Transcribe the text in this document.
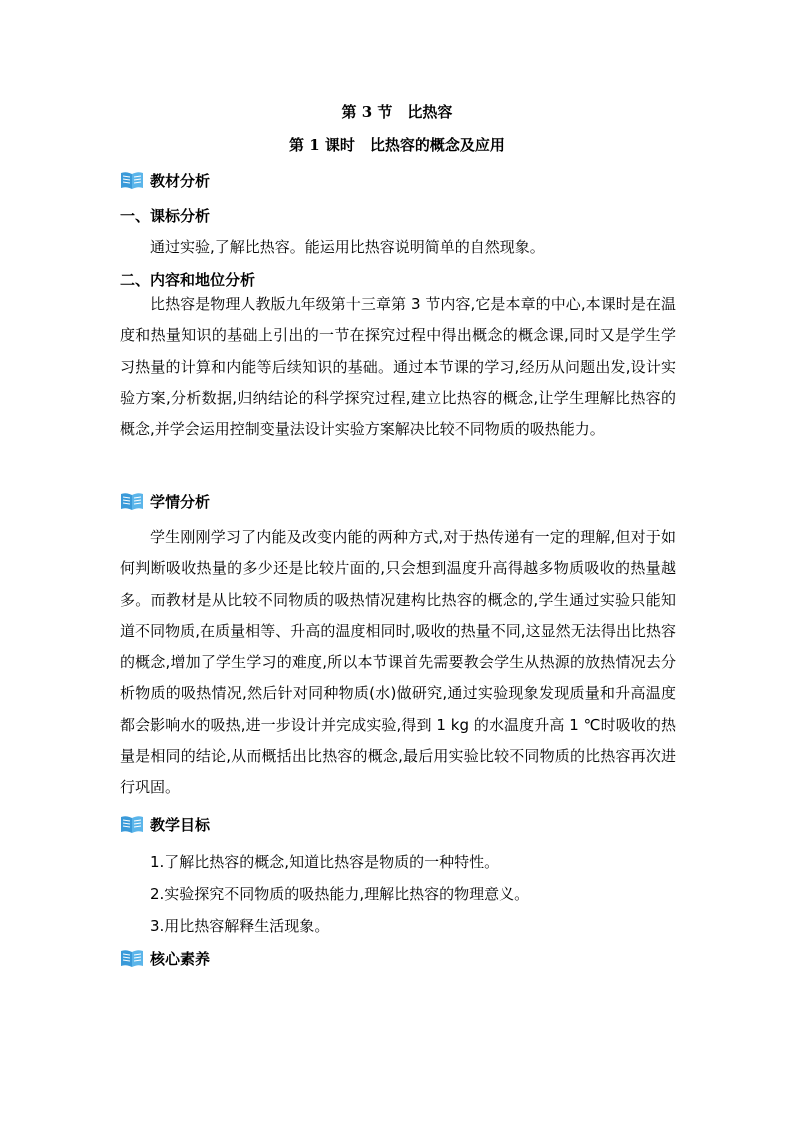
第 3 节　比热容
第 1 课时　比热容的概念及应用
教材分析
一、课标分析

通过实验,了解比热容。能运用比热容说明简单的自然现象。

二、内容和地位分析

比热容是物理人教版九年级第十三章第 3 节内容,它是本章的中心,本课时是在温度和热量知识的基础上引出的一节在探究过程中得出概念的概念课,同时又是学生学习热量的计算和内能等后续知识的基础。通过本节课的学习,经历从问题出发,设计实验方案,分析数据,归纳结论的科学探究过程,建立比热容的概念,让学生理解比热容的概念,并学会运用控制变量法设计实验方案解决比较不同物质的吸热能力。

学情分析

学生刚刚学习了内能及改变内能的两种方式,对于热传递有一定的理解,但对于如何判断吸收热量的多少还是比较片面的,只会想到温度升高得越多物质吸收的热量越多。而教材是从比较不同物质的吸热情况建构比热容的概念的,学生通过实验只能知道不同物质,在质量相等、升高的温度相同时,吸收的热量不同,这显然无法得出比热容的概念,增加了学生学习的难度,所以本节课首先需要教会学生从热源的放热情况去分析物质的吸热情况,然后针对同种物质(水)做研究,通过实验现象发现质量和升高温度都会影响水的吸热,进一步设计并完成实验,得到 1 kg 的水温度升高 1 ℃时吸收的热量是相同的结论,从而概括出比热容的概念,最后用实验比较不同物质的比热容再次进行巩固。

教学目标
1.了解比热容的概念,知道比热容是物质的一种特性。
2.实验探究不同物质的吸热能力,理解比热容的物理意义。
3.用比热容解释生活现象。
核心素养
